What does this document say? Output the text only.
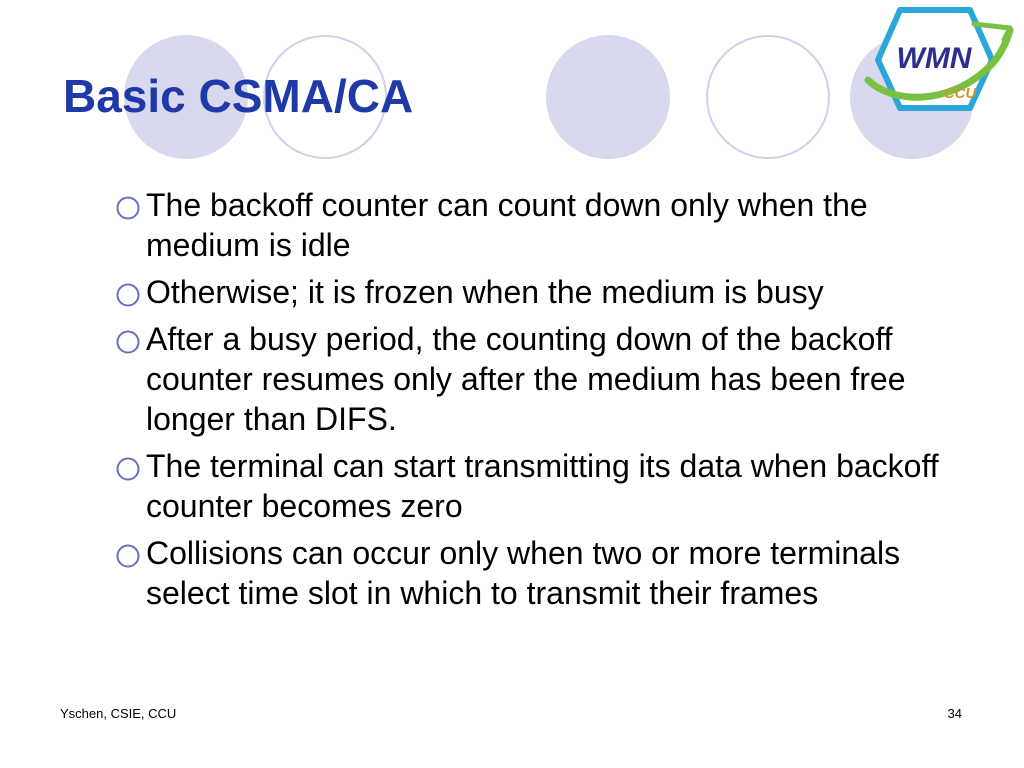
Basic CSMA/CA
WMN
CCU
The backoff counter can count down only when the medium is idle
Otherwise; it is frozen when the medium is busy
After a busy period, the counting down of the backoff counter resumes only after the medium has been free longer than DIFS.
The terminal can start transmitting its data when backoff counter becomes zero
Collisions can occur only when two or more terminals select time slot in which to transmit their frames
Yschen, CSIE, CCU	34
